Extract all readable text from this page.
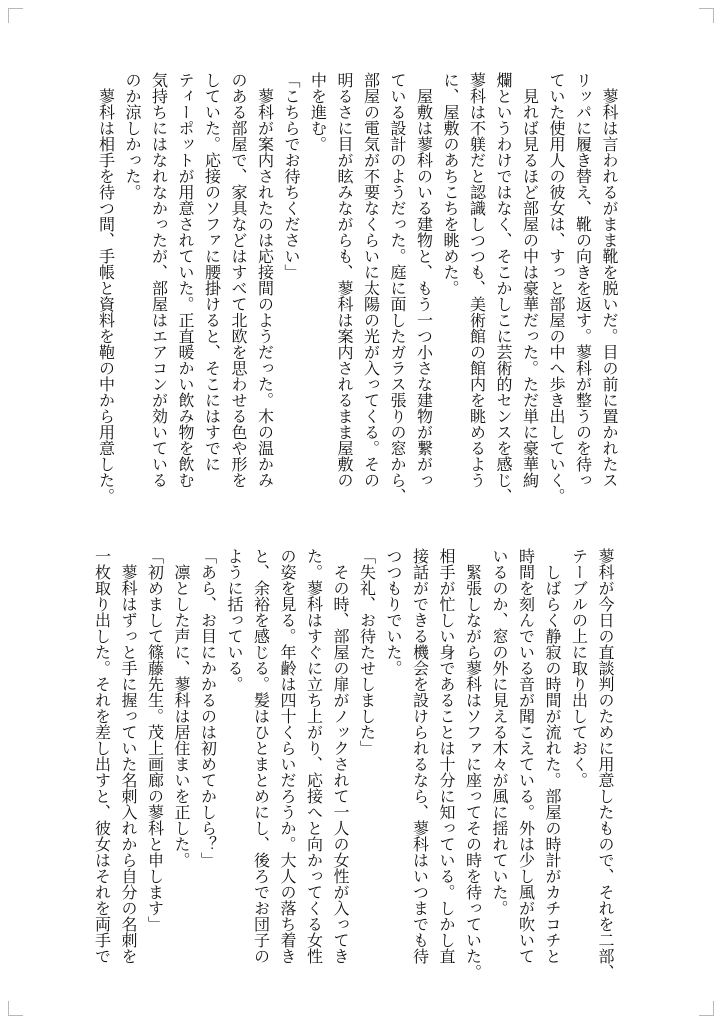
　蓼科は言われるがまま靴を脱いだ。目の前に置かれたス
リッパに履き替え、靴の向きを返す。蓼科が整うのを待っ
ていた使用人の彼女は、すっと部屋の中へ歩き出していく。
　見れば見るほど部屋の中は豪華だった。ただ単に豪華絢
爛というわけではなく、そこかしこに芸術的センスを感じ、
蓼科は不躾だと認識しつつも、美術館の館内を眺めるよう
に、屋敷のあちこちを眺めた。
　屋敷は蓼科のいる建物と、もう一つ小さな建物が繋がっ
ている設計のようだった。庭に面したガラス張りの窓から、
部屋の電気が不要なくらいに太陽の光が入ってくる。その
明るさに目が眩みながらも、蓼科は案内されるまま屋敷の
中を進む。
「こちらでお待ちください」
　蓼科が案内されたのは応接間のようだった。木の温かみ
のある部屋で、家具などはすべて北欧を思わせる色や形を
していた。応接のソファに腰掛けると、そこにはすでに
ティーポットが用意されていた。正直暖かい飲み物を飲む
気持ちにはなれなかったが、部屋はエアコンが効いている
のか涼しかった。
　蓼科は相手を待つ間、手帳と資料を鞄の中から用意した。
蓼科が今日の直談判のために用意したもので、それを二部、
テーブルの上に取り出しておく。
　しばらく静寂の時間が流れた。部屋の時計がカチコチと
時間を刻んでいる音が聞こえている。外は少し風が吹いて
いるのか、窓の外に見える木々が風に揺れていた。
　緊張しながら蓼科はソファに座ってその時を待っていた。
相手が忙しい身であることは十分に知っている。しかし直
接話ができる機会を設けられるなら、蓼科はいつまでも待
つつもりでいた。
「失礼、お待たせしました」
　その時、部屋の扉がノックされて一人の女性が入ってき
た。蓼科はすぐに立ち上がり、応接へと向かってくる女性
の姿を見る。年齢は四十くらいだろうか。大人の落ち着き
と、余裕を感じる。髪はひとまとめにし、後ろでお団子の
ように括っている。
「あら、お目にかかるのは初めてかしら？」
　凛とした声に、蓼科は居住まいを正した。
「初めまして篠藤先生。茂上画廊の蓼科と申します」
　蓼科はずっと手に握っていた名刺入れから自分の名刺を
一枚取り出した。それを差し出すと、彼女はそれを両手で
